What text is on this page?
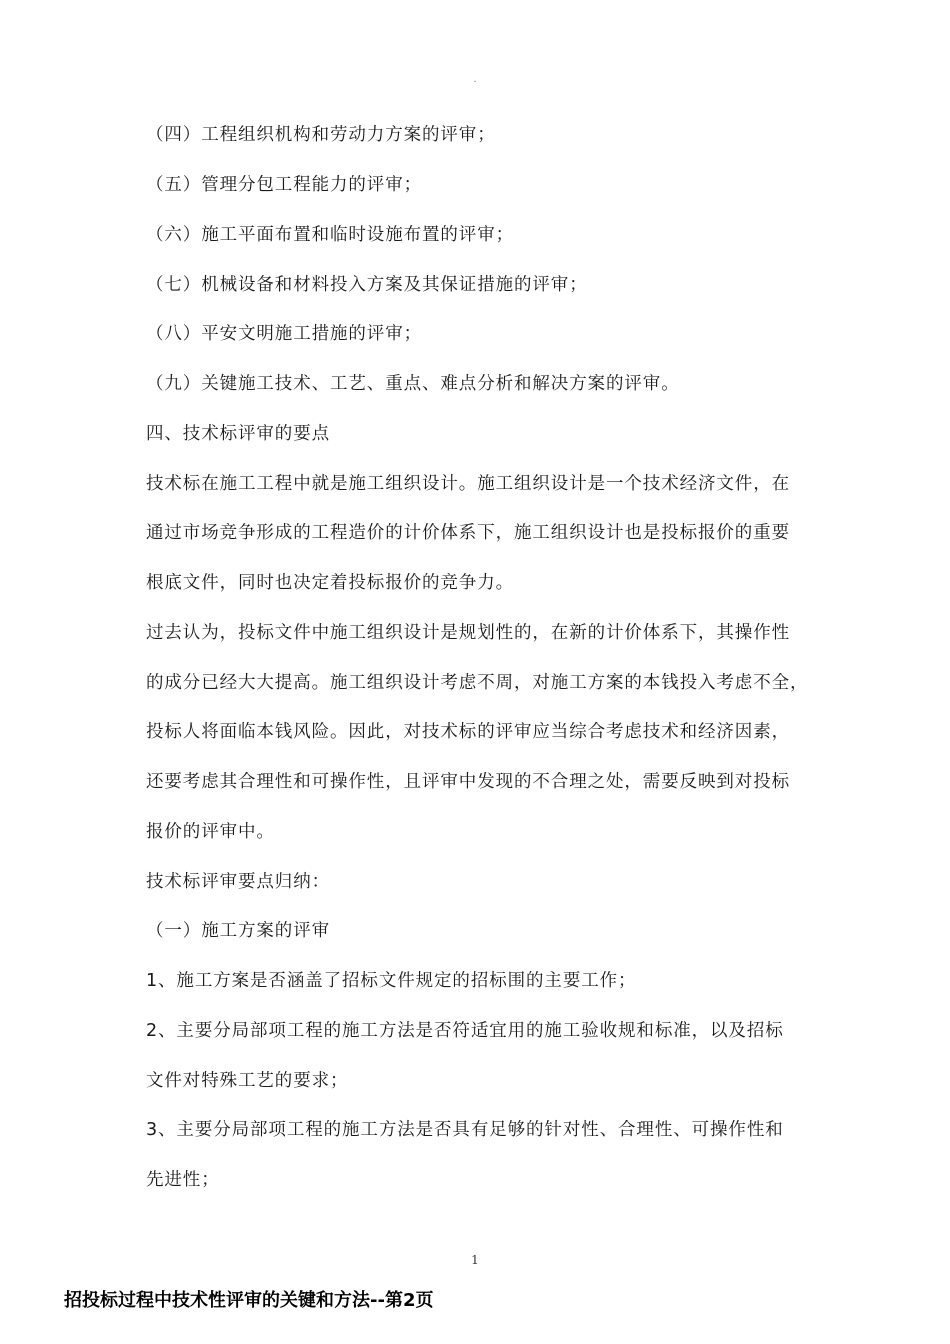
.

（四）工程组织机构和劳动力方案的评审；

（五）管理分包工程能力的评审；

（六）施工平面布置和临时设施布置的评审；

（七）机械设备和材料投入方案及其保证措施的评审；

（八）平安文明施工措施的评审；

（九）关键施工技术、工艺、重点、难点分析和解决方案的评审。

四、技术标评审的要点

技术标在施工工程中就是施工组织设计。施工组织设计是一个技术经济文件，在

通过市场竞争形成的工程造价的计价体系下，施工组织设计也是投标报价的重要

根底文件，同时也决定着投标报价的竞争力。

过去认为，投标文件中施工组织设计是规划性的，在新的计价体系下，其操作性

的成分已经大大提高。施工组织设计考虑不周，对施工方案的本钱投入考虑不全，

投标人将面临本钱风险。因此，对技术标的评审应当综合考虑技术和经济因素，

还要考虑其合理性和可操作性，且评审中发现的不合理之处，需要反映到对投标

报价的评审中。

技术标评审要点归纳：

（一）施工方案的评审

1、施工方案是否涵盖了招标文件规定的招标围的主要工作；

2、主要分局部项工程的施工方法是否符适宜用的施工验收规和标准，以及招标

文件对特殊工艺的要求；

3、主要分局部项工程的施工方法是否具有足够的针对性、合理性、可操作性和

先进性；

1
招投标过程中技术性评审的关键和方法--第2页
